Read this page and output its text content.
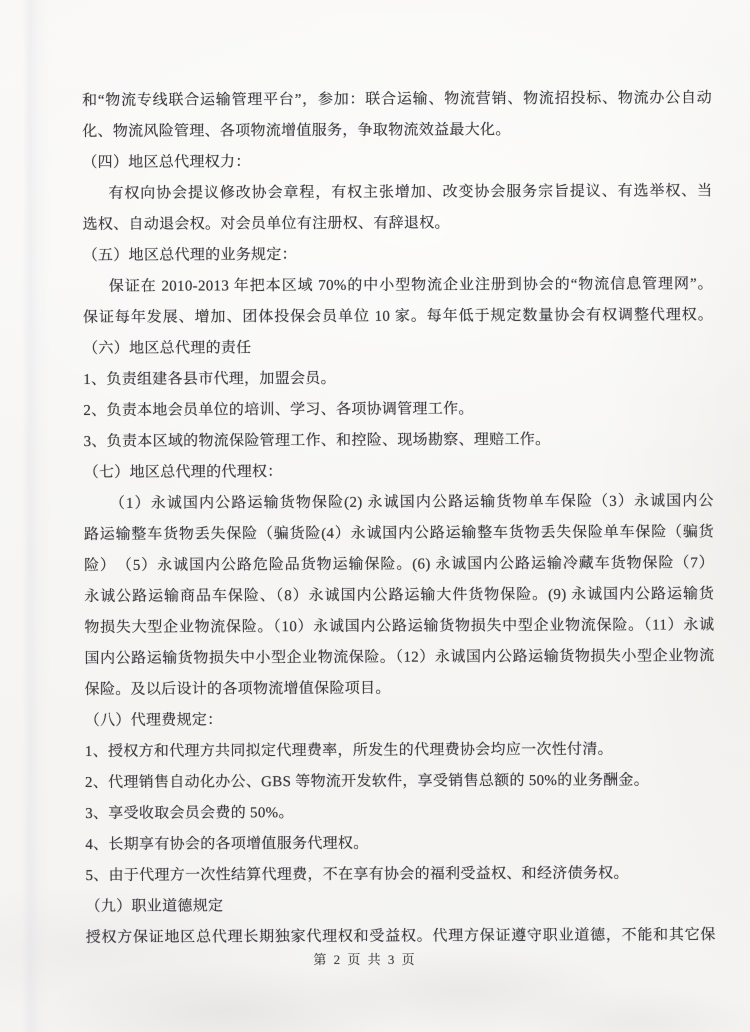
和“物流专线联合运输管理平台”，参加：联合运输、物流营销、物流招投标、物流办公自动
化、物流风险管理、各项物流增值服务，争取物流效益最大化。
（四）地区总代理权力：
有权向协会提议修改协会章程，有权主张增加、改变协会服务宗旨提议、有选举权、当
选权、自动退会权。对会员单位有注册权、有辞退权。
（五）地区总代理的业务规定：
保证在 2010-2013 年把本区域 70%的中小型物流企业注册到协会的“物流信息管理网”。
保证每年发展、增加、团体投保会员单位 10 家。每年低于规定数量协会有权调整代理权。
（六）地区总代理的责任
1、负责组建各县市代理，加盟会员。
2、负责本地会员单位的培训、学习、各项协调管理工作。
3、负责本区域的物流保险管理工作、和控险、现场勘察、理赔工作。
（七）地区总代理的代理权：
（1）永诚国内公路运输货物保险(2) 永诚国内公路运输货物单车保险（3）永诚国内公
路运输整车货物丢失保险（骗货险(4）永诚国内公路运输整车货物丢失保险单车保险（骗货
险）　（5）永诚国内公路危险品货物运输保险。(6) 永诚国内公路运输冷藏车货物保险（7）
永诚公路运输商品车保险、（8）永诚国内公路运输大件货物保险。(9) 永诚国内公路运输货
物损失大型企业物流保险。（10）永诚国内公路运输货物损失中型企业物流保险。（11）永诚
国内公路运输货物损失中小型企业物流保险。（12）永诚国内公路运输货物损失小型企业物流
保险。及以后设计的各项物流增值保险项目。
（八）代理费规定：
1、授权方和代理方共同拟定代理费率，所发生的代理费协会均应一次性付清。
2、代理销售自动化办公、GBS 等物流开发软件，享受销售总额的 50%的业务酬金。
3、享受收取会员会费的 50%。
4、长期享有协会的各项增值服务代理权。
5、由于代理方一次性结算代理费，不在享有协会的福利受益权、和经济债务权。
（九）职业道德规定
授权方保证地区总代理长期独家代理权和受益权。代理方保证遵守职业道德，不能和其它保
第 2 页 共 3 页
